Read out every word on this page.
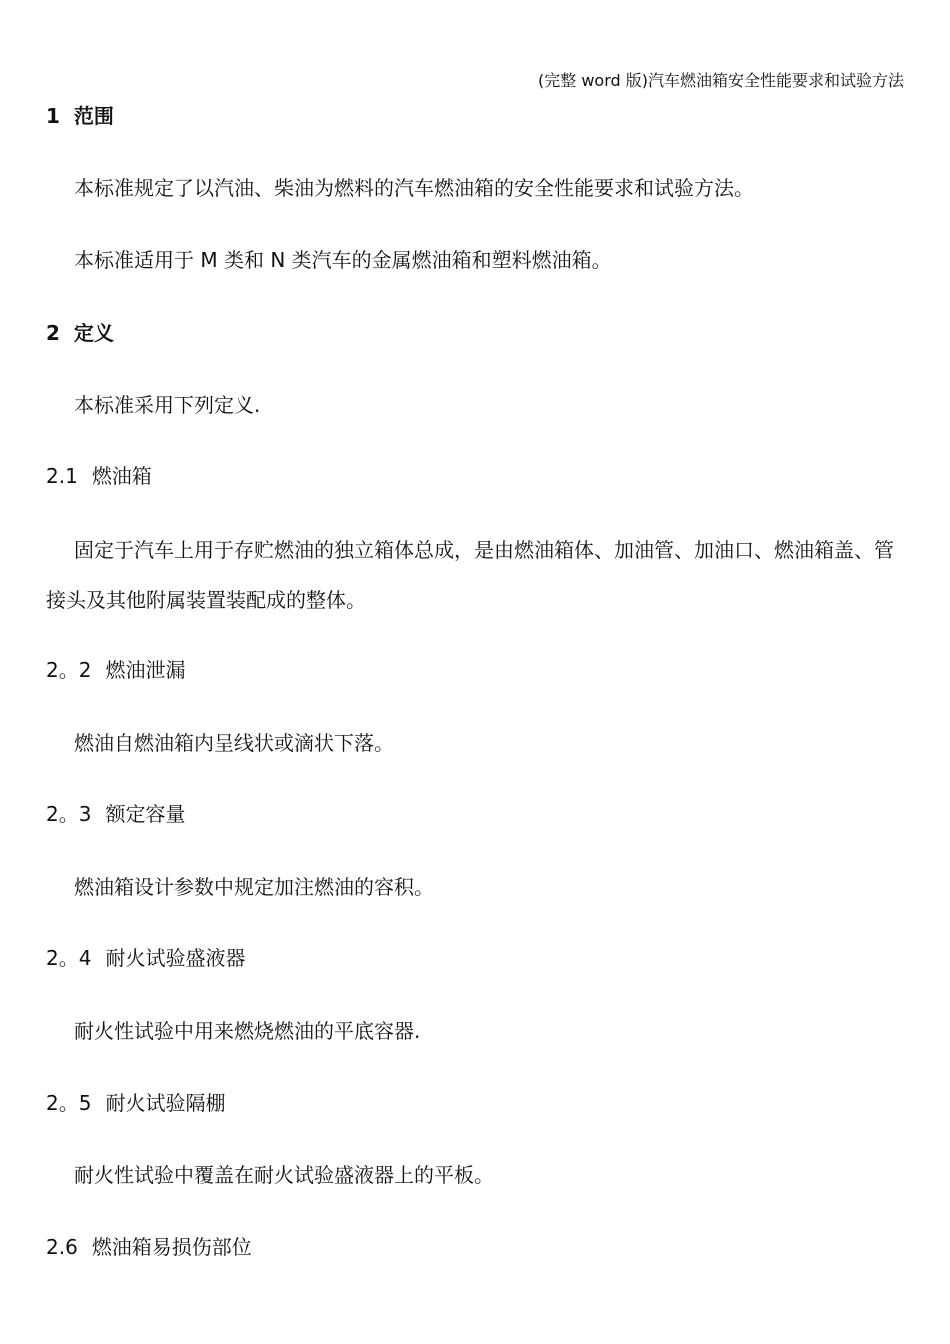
(完整 word 版)汽车燃油箱安全性能要求和试验方法
1 范围

本标准规定了以汽油、柴油为燃料的汽车燃油箱的安全性能要求和试验方法。

本标准适用于 M 类和 N 类汽车的金属燃油箱和塑料燃油箱。

2 定义

本标准采用下列定义.

2.1 燃油箱

固定于汽车上用于存贮燃油的独立箱体总成，是由燃油箱体、加油管、加油口、燃油箱盖、管接头及其他附属装置装配成的整体。

2。2 燃油泄漏

燃油自燃油箱内呈线状或滴状下落。

2。3 额定容量

燃油箱设计参数中规定加注燃油的容积。

2。4 耐火试验盛液器

耐火性试验中用来燃烧燃油的平底容器.

2。5 耐火试验隔棚

耐火性试验中覆盖在耐火试验盛液器上的平板。

2.6 燃油箱易损伤部位
